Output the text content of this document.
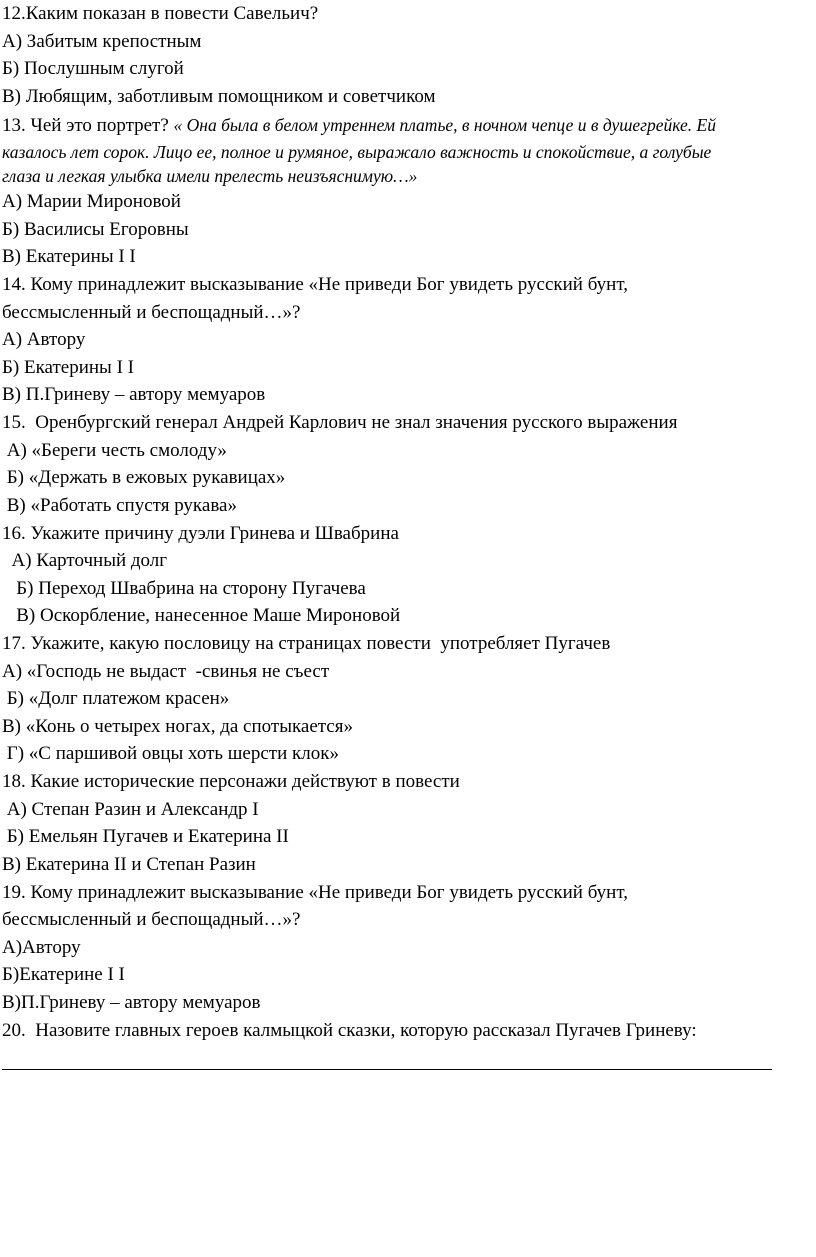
12.Каким показан в повести Савельич?
А) Забитым крепостным
Б) Послушным слугой
В) Любящим, заботливым помощником и советчиком
13. Чей это портрет? « Она была в белом утреннем платье, в ночном чепце и в душегрейке. Ей
казалось лет сорок. Лицо ее, полное и румяное, выражало важность и спокойствие, а голубые
глаза и легкая улыбка имели прелесть неизъяснимую…»
А) Марии Мироновой
Б) Василисы Егоровны
В) Екатерины I I
14. Кому принадлежит высказывание «Не приведи Бог увидеть русский бунт,
бессмысленный и беспощадный…»?
А) Автору
Б) Екатерины I I
В) П.Гриневу – автору мемуаров
15.  Оренбургский генерал Андрей Карлович не знал значения русского выражения
А) «Береги честь смолоду»
Б) «Держать в ежовых рукавицах»
В) «Работать спустя рукава»
16. Укажите причину дуэли Гринева и Швабрина
А) Карточный долг
Б) Переход Швабрина на сторону Пугачева
В) Оскорбление, нанесенное Маше Мироновой
17. Укажите, какую пословицу на страницах повести  употребляет Пугачев
А) «Господь не выдаст  -свинья не съест
Б) «Долг платежом красен»
В) «Конь о четырех ногах, да спотыкается»
Г) «С паршивой овцы хоть шерсти клок»
18. Какие исторические персонажи действуют в повести
А) Степан Разин и Александр I
Б) Емельян Пугачев и Екатерина II
В) Екатерина II и Степан Разин
19. Кому принадлежит высказывание «Не приведи Бог увидеть русский бунт,
бессмысленный и беспощадный…»?
А)Автору
Б)Екатерине I I
В)П.Гриневу – автору мемуаров
20.  Назовите главных героев калмыцкой сказки, которую рассказал Пугачев Гриневу:
